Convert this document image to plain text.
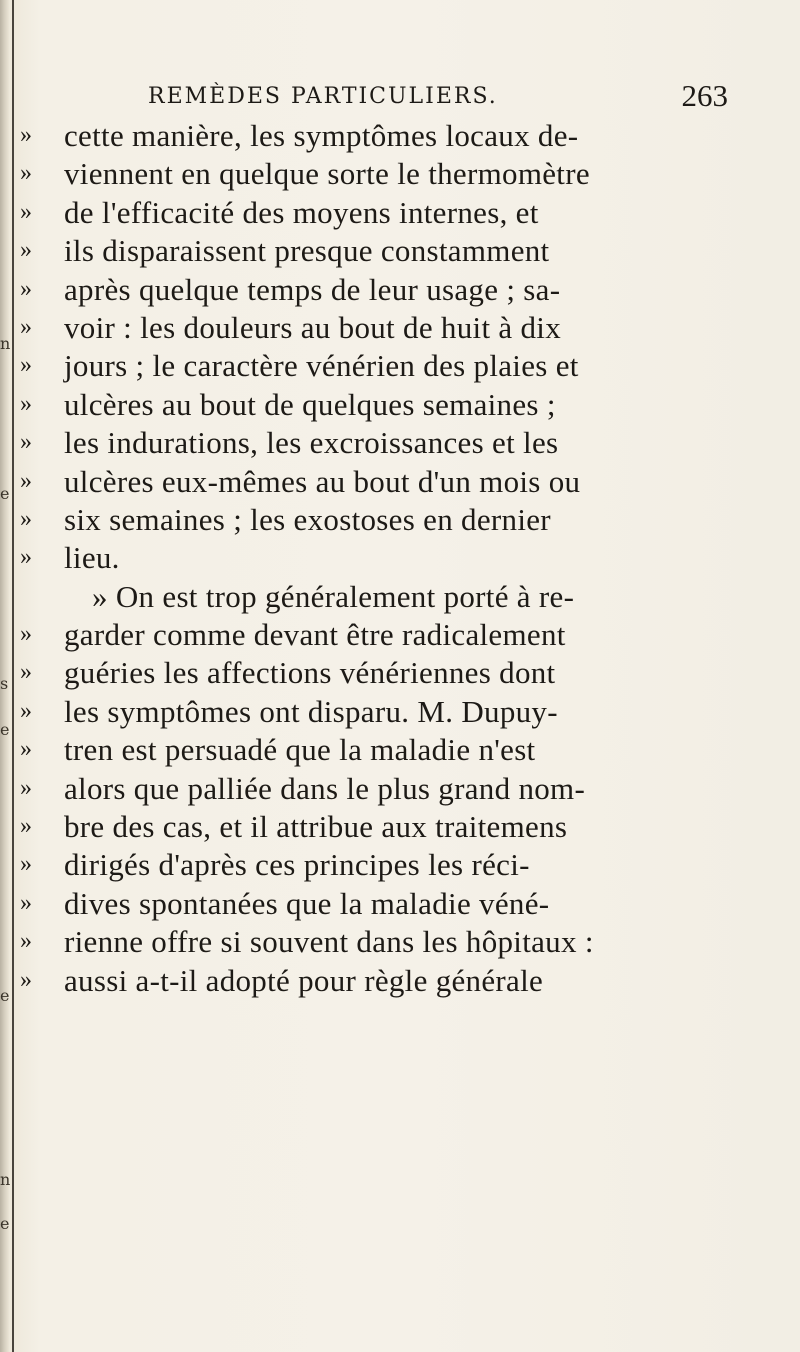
n
e
s
e
e
n
e
REMÈDES PARTICULIERS.	263
»	cette manière, les symptômes locaux de-
»	viennent en quelque sorte le thermomètre
»	de l'efficacité des moyens internes, et
»	ils disparaissent presque constamment
»	après quelque temps de leur usage ; sa-
»	voir : les douleurs au bout de huit à dix
»	jours ; le caractère vénérien des plaies et
»	ulcères au bout de quelques semaines ;
»	les indurations, les excroissances et les
»	ulcères eux-mêmes au bout d'un mois ou
»	six semaines ; les exostoses en dernier
»	lieu.
» On est trop généralement porté à re-
»	garder comme devant être radicalement
»	guéries les affections vénériennes dont
»	les symptômes ont disparu. M. Dupuy-
»	tren est persuadé que la maladie n'est
»	alors que palliée dans le plus grand nom-
»	bre des cas, et il attribue aux traitemens
»	dirigés d'après ces principes les réci-
»	dives spontanées que la maladie véné-
»	rienne offre si souvent dans les hôpitaux :
»	aussi a-t-il adopté pour règle générale
